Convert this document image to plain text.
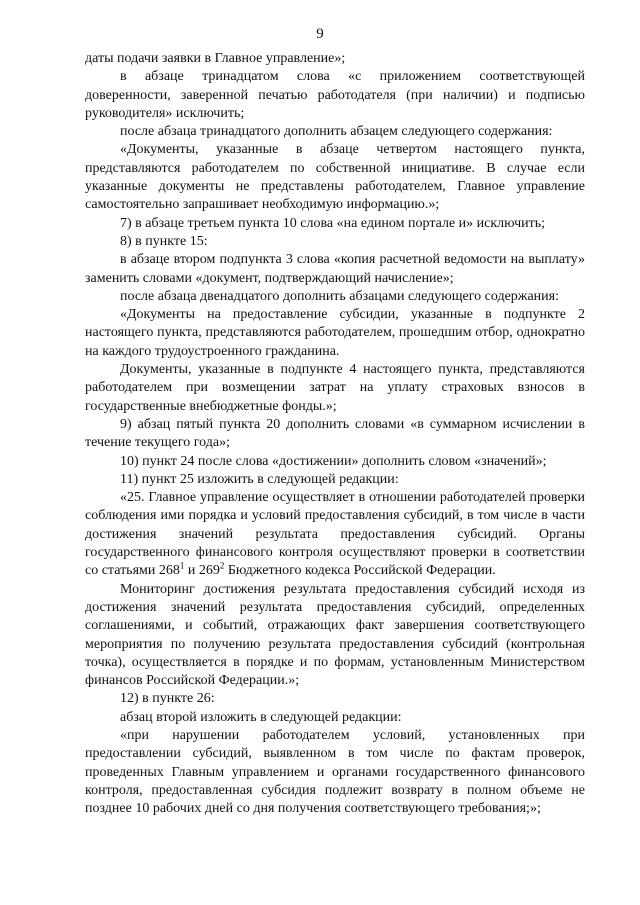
9

даты подачи заявки в Главное управление»;

в абзаце тринадцатом слова «с приложением соответствующей доверенности, заверенной печатью работодателя (при наличии) и подписью руководителя» исключить;

после абзаца тринадцатого дополнить абзацем следующего содержания:

«Документы, указанные в абзаце четвертом настоящего пункта, представляются работодателем по собственной инициативе. В случае если указанные документы не представлены работодателем, Главное управление самостоятельно запрашивает необходимую информацию.»;

7) в абзаце третьем пункта 10 слова «на едином портале и» исключить;

8) в пункте 15:

в абзаце втором подпункта 3 слова «копия расчетной ведомости на выплату» заменить словами «документ, подтверждающий начисление»;

после абзаца двенадцатого дополнить абзацами следующего содержания:

«Документы на предоставление субсидии, указанные в подпункте 2 настоящего пункта, представляются работодателем, прошедшим отбор, однократно на каждого трудоустроенного гражданина.

Документы, указанные в подпункте 4 настоящего пункта, представляются работодателем при возмещении затрат на уплату страховых взносов в государственные внебюджетные фонды.»;

9) абзац пятый пункта 20 дополнить словами «в суммарном исчислении в течение текущего года»;

10) пункт 24 после слова «достижении» дополнить словом «значений»;

11) пункт 25 изложить в следующей редакции:

«25. Главное управление осуществляет в отношении работодателей проверки соблюдения ими порядка и условий предоставления субсидий, в том числе в части достижения значений результата предоставления субсидий. Органы государственного финансового контроля осуществляют проверки в соответствии со статьями $268^1$ и $269^2$ Бюджетного кодекса Российской Федерации.

Мониторинг достижения результата предоставления субсидий исходя из достижения значений результата предоставления субсидий, определенных соглашениями, и событий, отражающих факт завершения соответствующего мероприятия по получению результата предоставления субсидий (контрольная точка), осуществляется в порядке и по формам, установленным Министерством финансов Российской Федерации.»;

12) в пункте 26:

абзац второй изложить в следующей редакции:

«при нарушении работодателем условий, установленных при предоставлении субсидий, выявленном в том числе по фактам проверок, проведенных Главным управлением и органами государственного финансового контроля, предоставленная субсидия подлежит возврату в полном объеме не позднее 10 рабочих дней со дня получения соответствующего требования;»;
